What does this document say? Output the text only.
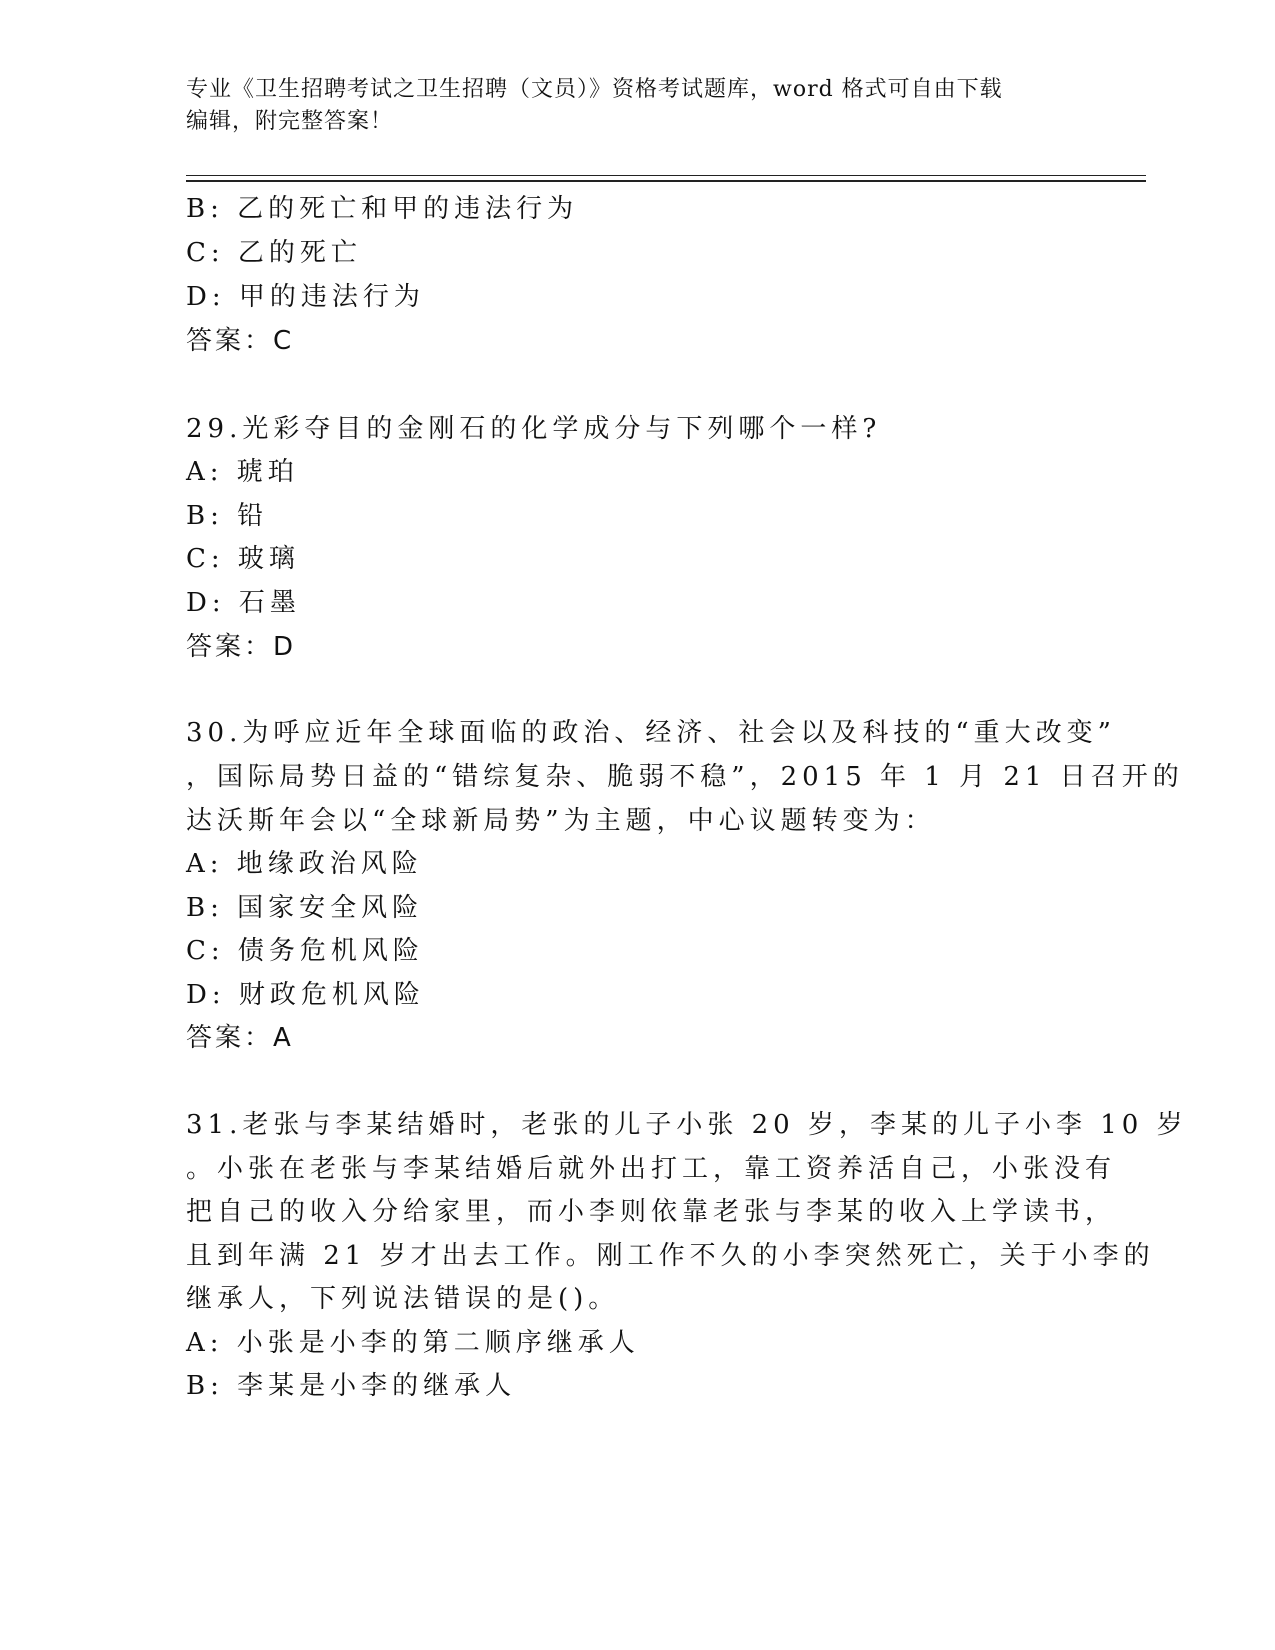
专业《卫生招聘考试之卫生招聘（文员）》资格考试题库，word 格式可自由下载
编辑，附完整答案！
B: 乙的死亡和甲的违法行为
C: 乙的死亡
D: 甲的违法行为
答案：C
29.光彩夺目的金刚石的化学成分与下列哪个一样?
A: 琥珀
B: 铅
C: 玻璃
D: 石墨
答案：D
30.为呼应近年全球面临的政治、经济、社会以及科技的“重大改变”
，国际局势日益的“错综复杂、脆弱不稳”，2015 年 1 月 21 日召开的
达沃斯年会以“全球新局势”为主题，中心议题转变为：
A: 地缘政治风险
B: 国家安全风险
C: 债务危机风险
D: 财政危机风险
答案：A
31.老张与李某结婚时，老张的儿子小张 20 岁，李某的儿子小李 10 岁
。小张在老张与李某结婚后就外出打工，靠工资养活自己，小张没有
把自己的收入分给家里，而小李则依靠老张与李某的收入上学读书，
且到年满 21 岁才出去工作。刚工作不久的小李突然死亡，关于小李的
继承人，下列说法错误的是()。
A: 小张是小李的第二顺序继承人
B: 李某是小李的继承人
